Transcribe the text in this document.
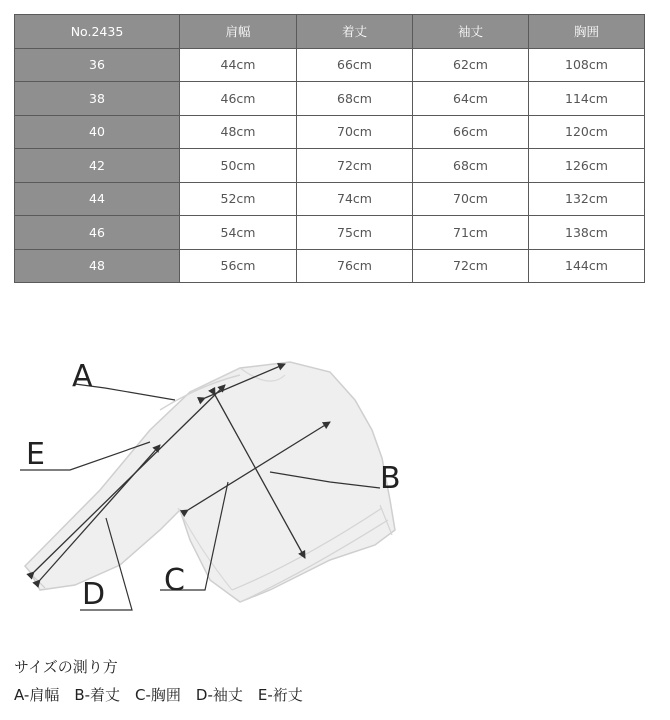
No.2435	肩幅	着丈	袖丈	胸囲
36	44cm	66cm	62cm	108cm
38	46cm	68cm	64cm	114cm
40	48cm	70cm	66cm	120cm
42	50cm	72cm	68cm	126cm
44	52cm	74cm	70cm	132cm
46	54cm	75cm	71cm	138cm
48	56cm	76cm	72cm	144cm
A
E
B
C
D
サイズの測り方
A-肩幅　B-着丈　C-胸囲　D-袖丈　E-裄丈
